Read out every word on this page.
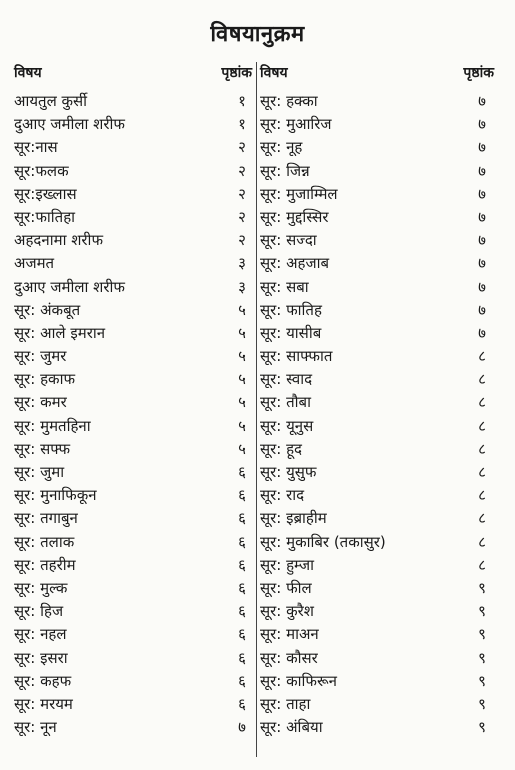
विषयानुक्रम
विषय	पृष्ठांक
आयतुल कुर्सी	१
दुआए जमीला शरीफ	१
सूर:नास	२
सूर:फलक	२
सूर:इख्लास	२
सूर:फातिहा	२
अहदनामा शरीफ	२
अजमत	३
दुआए जमीला शरीफ	३
सूर: अंकबूत	५
सूर: आले इमरान	५
सूर: जुमर	५
सूर: हकाफ	५
सूर: कमर	५
सूर: मुमतहिना	५
सूर: सफ्फ	५
सूर: जुमा	६
सूर: मुनाफिकून	६
सूर: तगाबुन	६
सूर: तलाक	६
सूर: तहरीम	६
सूर: मुल्क	६
सूर: हिज	६
सूर: नहल	६
सूर: इसरा	६
सूर: कहफ	६
सूर: मरयम	६
सूर: नून	७
विषय	पृष्ठांक
सूर: हक्का	७
सूर: मुआरिज	७
सूर: नूह	७
सूर: जिन्न	७
सूर: मुजाम्मिल	७
सूर: मुद्दस्सिर	७
सूर: सज्दा	७
सूर: अहजाब	७
सूर: सबा	७
सूर: फातिह	७
सूर: यासीब	७
सूर: साफ्फात	८
सूर: स्वाद	८
सूर: तौबा	८
सूर: यूनुस	८
सूर: हूद	८
सूर: युसुफ	८
सूर: राद	८
सूर: इब्राहीम	८
सूर: मुकाबिर (तकासुर)	८
सूर: हुम्जा	८
सूर: फील	९
सूर: कुरैश	९
सूर: माअन	९
सूर: कौसर	९
सूर: काफिरून	९
सूर: ताहा	९
सूर: अंबिया	९
